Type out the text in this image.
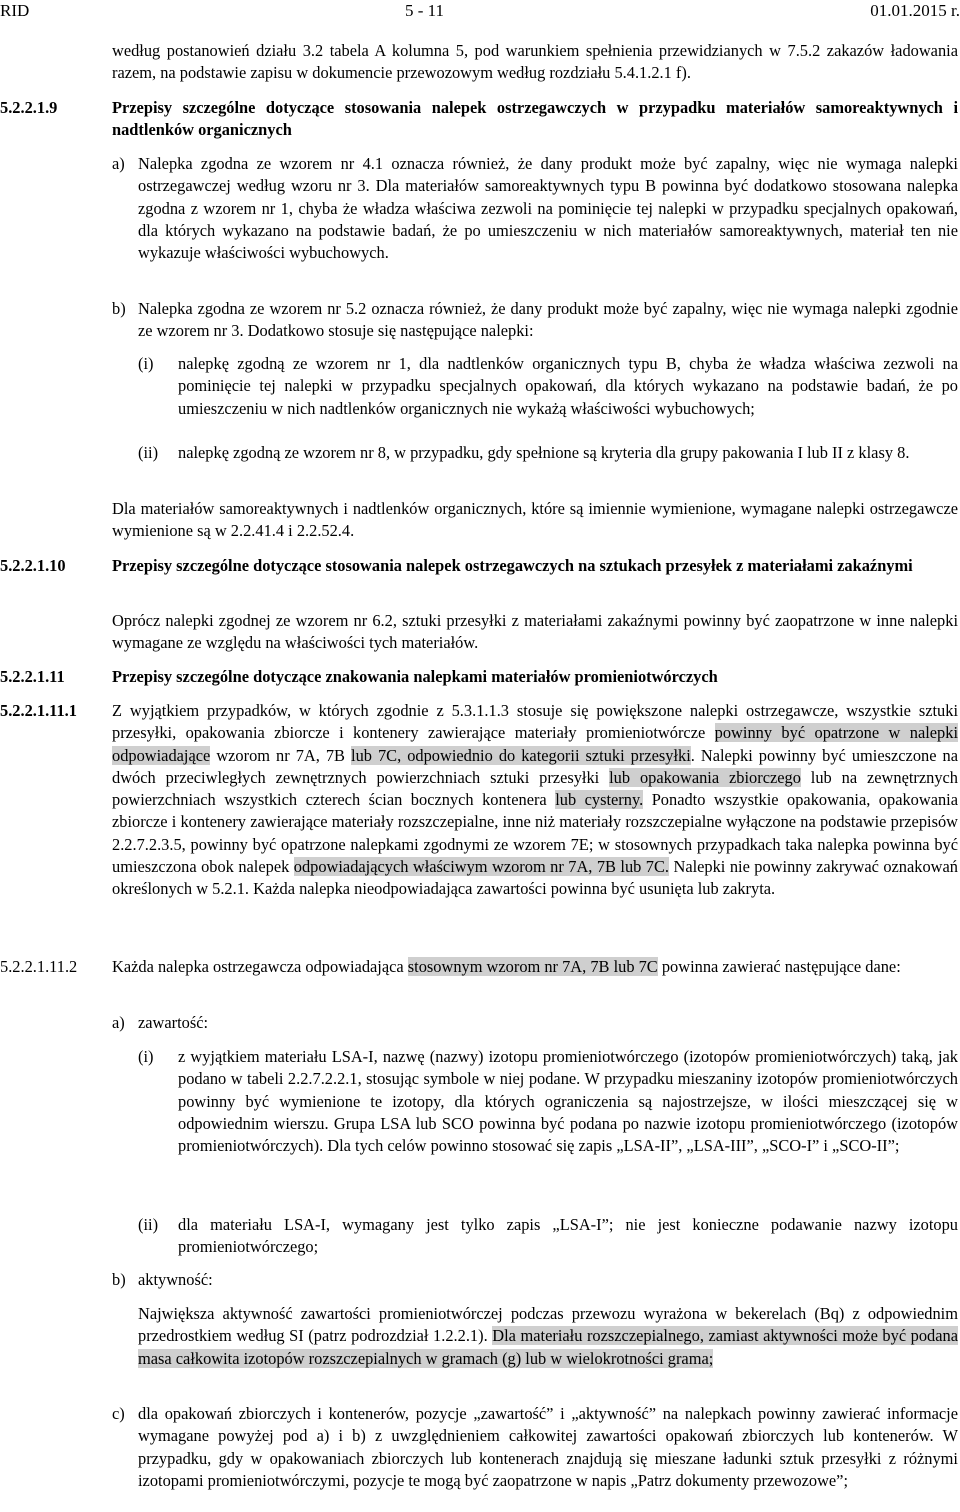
RID	5 - 11	01.01.2015 r.

według postanowień działu 3.2 tabela A kolumna 5, pod warunkiem spełnienia przewidzianych w 7.5.2 zakazów ładowania razem, na podstawie zapisu w dokumencie przewozowym według rozdziału 5.4.1.2.1 f).

5.2.2.1.9	Przepisy szczególne dotyczące stosowania nalepek ostrzegawczych w przypadku materiałów samoreaktywnych i nadtlenków organicznych

a) Nalepka zgodna ze wzorem nr 4.1 oznacza również, że dany produkt może być zapalny, więc nie wymaga nalepki ostrzegawczej według wzoru nr 3. Dla materiałów samoreaktywnych typu B powinna być dodatkowo stosowana nalepka zgodna z wzorem nr 1, chyba że władza właściwa zezwoli na pominięcie tej nalepki w przypadku specjalnych opakowań, dla których wykazano na podstawie badań, że po umieszczeniu w nich materiałów samoreaktywnych, materiał ten nie wykazuje właściwości wybuchowych.

b) Nalepka zgodna ze wzorem nr 5.2 oznacza również, że dany produkt może być zapalny, więc nie wymaga nalepki zgodnie ze wzorem nr 3. Dodatkowo stosuje się następujące nalepki:

(i) nalepkę zgodną ze wzorem nr 1, dla nadtlenków organicznych typu B, chyba że władza właściwa zezwoli na pominięcie tej nalepki w przypadku specjalnych opakowań, dla których wykazano na podstawie badań, że po umieszczeniu w nich nadtlenków organicznych nie wykażą właściwości wybuchowych;

(ii) nalepkę zgodną ze wzorem nr 8, w przypadku, gdy spełnione są kryteria dla grupy pakowania I lub II z klasy 8.

Dla materiałów samoreaktywnych i nadtlenków organicznych, które są imiennie wymienione, wymagane nalepki ostrzegawcze wymienione są w 2.2.41.4 i 2.2.52.4.

5.2.2.1.10	Przepisy szczególne dotyczące stosowania nalepek ostrzegawczych na sztukach przesyłek z materiałami zakaźnymi

Oprócz nalepki zgodnej ze wzorem nr 6.2, sztuki przesyłki z materiałami zakaźnymi powinny być zaopatrzone w inne nalepki wymagane ze względu na właściwości tych materiałów.

5.2.2.1.11	Przepisy szczególne dotyczące znakowania nalepkami materiałów promieniotwórczych

5.2.2.1.11.1 Z wyjątkiem przypadków, w których zgodnie z 5.3.1.1.3 stosuje się powiększone nalepki ostrzegawcze, wszystkie sztuki przesyłki, opakowania zbiorcze i kontenery zawierające materiały promieniotwórcze powinny być opatrzone w nalepki odpowiadające wzorom nr 7A, 7B lub 7C, odpowiednio do kategorii sztuki przesyłki. Nalepki powinny być umieszczone na dwóch przeciwległych zewnętrznych powierzchniach sztuki przesyłki lub opakowania zbiorczego lub na zewnętrznych powierzchniach wszystkich czterech ścian bocznych kontenera lub cysterny. Ponadto wszystkie opakowania, opakowania zbiorcze i kontenery zawierające materiały rozszczepialne, inne niż materiały rozszczepialne wyłączone na podstawie przepisów 2.2.7.2.3.5, powinny być opatrzone nalepkami zgodnymi ze wzorem 7E; w stosownych przypadkach taka nalepka powinna być umieszczona obok nalepek odpowiadających właściwym wzorom nr 7A, 7B lub 7C. Nalepki nie powinny zakrywać oznakowań określonych w 5.2.1. Każda nalepka nieodpowiadająca zawartości powinna być usunięta lub zakryta.

5.2.2.1.11.2 Każda nalepka ostrzegawcza odpowiadająca stosownym wzorom nr 7A, 7B lub 7C powinna zawierać następujące dane:

a) zawartość:

(i) z wyjątkiem materiału LSA-I, nazwę (nazwy) izotopu promieniotwórczego (izotopów promieniotwórczych) taką, jak podano w tabeli 2.2.7.2.2.1, stosując symbole w niej podane. W przypadku mieszaniny izotopów promieniotwórczych powinny być wymienione te izotopy, dla których ograniczenia są najostrzejsze, w ilości mieszczącej się w odpowiednim wierszu. Grupa LSA lub SCO powinna być podana po nazwie izotopu promieniotwórczego (izotopów promieniotwórczych). Dla tych celów powinno stosować się zapis „LSA-II”, „LSA-III”, „SCO-I” i „SCO-II”;

(ii) dla materiału LSA-I, wymagany jest tylko zapis „LSA-I”; nie jest konieczne podawanie nazwy izotopu promieniotwórczego;

b) aktywność:

Największa aktywność zawartości promieniotwórczej podczas przewozu wyrażona w bekerelach (Bq) z odpowiednim przedrostkiem według SI (patrz podrozdział 1.2.2.1). Dla materiału rozszczepialnego, zamiast aktywności może być podana masa całkowita izotopów rozszczepialnych w gramach (g) lub w wielokrotności grama;

c) dla opakowań zbiorczych i kontenerów, pozycje „zawartość” i „aktywność” na nalepkach powinny zawierać informacje wymagane powyżej pod a) i b) z uwzględnieniem całkowitej zawartości opakowań zbiorczych lub kontenerów. W przypadku, gdy w opakowaniach zbiorczych lub kontenerach znajdują się mieszane ładunki sztuk przesyłki z różnymi izotopami promieniotwórczymi, pozycje te mogą być zaopatrzone w napis „Patrz dokumenty przewozowe”;
